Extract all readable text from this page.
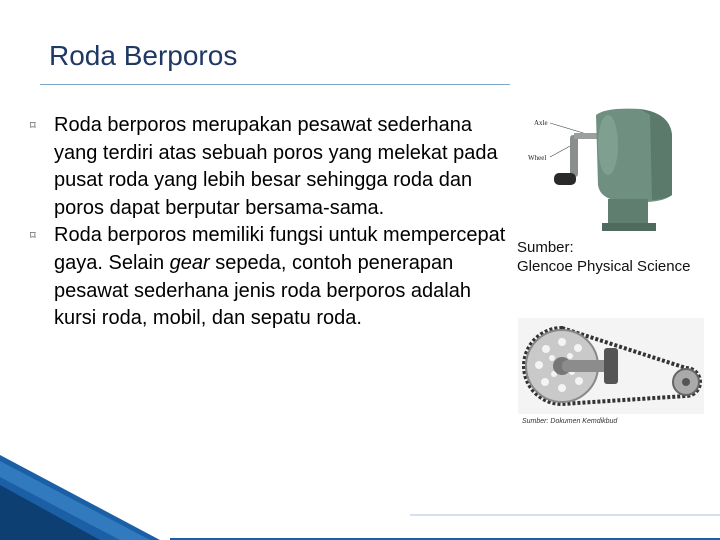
Roda Berporos
⌑ Roda berporos merupakan pesawat sederhana yang terdiri atas sebuah poros yang melekat pada pusat roda yang lebih besar sehingga roda dan poros dapat berputar bersama-sama.
⌑ Roda berporos memiliki fungsi untuk mempercepat gaya. Selain gear sepeda, contoh penerapan pesawat sederhana jenis roda berporos adalah kursi roda, mobil, dan sepatu roda.
Axle
Wheel
Sumber:
Glencoe Physical Science
Sumber: Dokumen Kemdikbud
